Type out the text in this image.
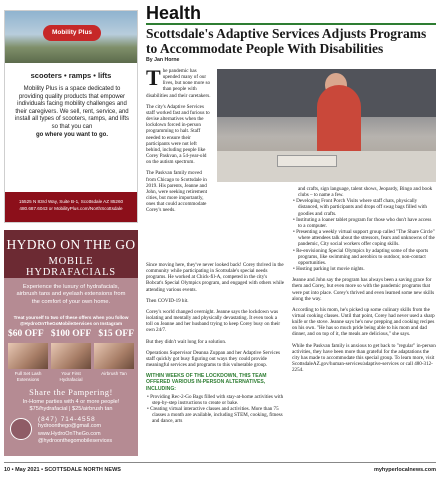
Mobility Plus
scooters • ramps • lifts
Mobility Plus is a space dedicated to providing quality products that empower individuals facing mobility challenges and their caregivers. We sell, rent, service, and install all types of scooters, ramps, and lifts so that you can
go where you want to go.
15525 N 83rd Way, Suite B-1, Scottsdale AZ 85260
480.687.6043 or MobilityPlus.com/NorthScottsdale
HYDRO ON THE GO
MOBILE HYDRAFACIALS
Experience the luxury of hydrafacials, airbrush tans and eyelash extensions from the comfort of your own home.
Treat yourself to two of these offers when you follow @HydroOnTheGoMobileServices on Instagram
$60 OFF $100 OFF $15 OFF
Full Set Lash Extensions
Your First Hydrafacial
Airbrush Tan
Share the Pampering!
In-Home parties with 4 or more people! $75/hydrafacial | $25/airbrush tan
(847) 714-4558
hydroonthego@gmail.com
www.HydroOnTheGo.com
@hydroonthegomobileservices
Health
Scottsdale's Adaptive Services Adjusts Programs to Accommodate People With Disabilities
By Jan Horne

The pandemic has upended many of our lives, but none more so than people with disabilities and their caretakers.

The city's Adaptive Services staff worked fast and furious to devise alternatives when the lockdown forced in-person programming to halt. Staff needed to ensure their participants were not left behind, including people like Corey Paskvan, a 54-year-old on the autism spectrum.

The Paskvan family moved from Chicago to Scottsdale in 2019. His parents, Jeanne and John, were seeking retirement cities, but more importantly, ones that could accommodate Corey's needs.

Since moving here, they've never looked back! Corey thrived in the community while participating in Scottsdale's special needs programs. He worked at Chick-fil-A, competed in the city's Bobcat's Special Olympics program, and engaged with others while attending various events.

Then COVID-19 hit.

Corey's world changed overnight. Jeanne says the lockdown was isolating and mentally and physically devastating. It even took a toll on Jeanne and her husband trying to keep Corey busy on their own 24/7.

But they didn't wait long for a solution.

Operations Supervisor Deanna Zuppan and her Adaptive Services staff quickly got busy figuring out ways they could provide meaningful services and programs to this vulnerable group.

WITHIN WEEKS OF THE LOCKDOWN, THIS TEAM OFFERED VARIOUS IN-PERSON ALTERNATIVES, INCLUDING:
• Providing Rec-2-Go Bags filled with stay-at-home activities with step-by-step instructions to create or bake.
• Creating virtual interactive classes and activities. More than 75 classes a month are available, including STEM, cooking, fitness and dance, arts

and crafts, sign language, talent shows, Jeopardy, Bingo and book clubs – to name a few.

• Developing Front Porch Visits where staff chats, physically distanced, with participants and drops off swag bags filled with goodies and crafts.
• Instituting a loaner tablet program for those who don't have access to a computer.
• Presenting a weekly virtual support group called "The Share Circle" where attendees talk about the stressors, fears and unknowns of the pandemic, City social workers offer coping skills.
• Re-envisioning Special Olympics by adapting some of the sports programs, like swimming and aerobics to outdoor, non-contact opportunities.
• Hosting parking lot movie nights.

Jeanne and John say the program has always been a saving grace for them and Corey, but even more so with the pandemic programs that were put into place. Corey's thrived and even learned some new skills along the way.

According to his mom, he's picked up some culinary skills from the virtual cooking classes. Until that point, Corey had never used a sharp knife or the stove. Jeanne says he's now prepping and cooking recipes on his own. "He has so much pride being able to his mom and dad dinner, and on top of it, the meals are delicious," she says.

While the Paskvan family is anxious to get back to "regular" in-person activities, they have been more than grateful for the adaptations the city has made to accommodate this special group. To learn more, visit ScottsdaleAZ.gov/human-services/adaptive-services or call 480-312-2254.

10 • May 2021 • SCOTTSDALE NORTH NEWS	myhyperlocalnews.com
